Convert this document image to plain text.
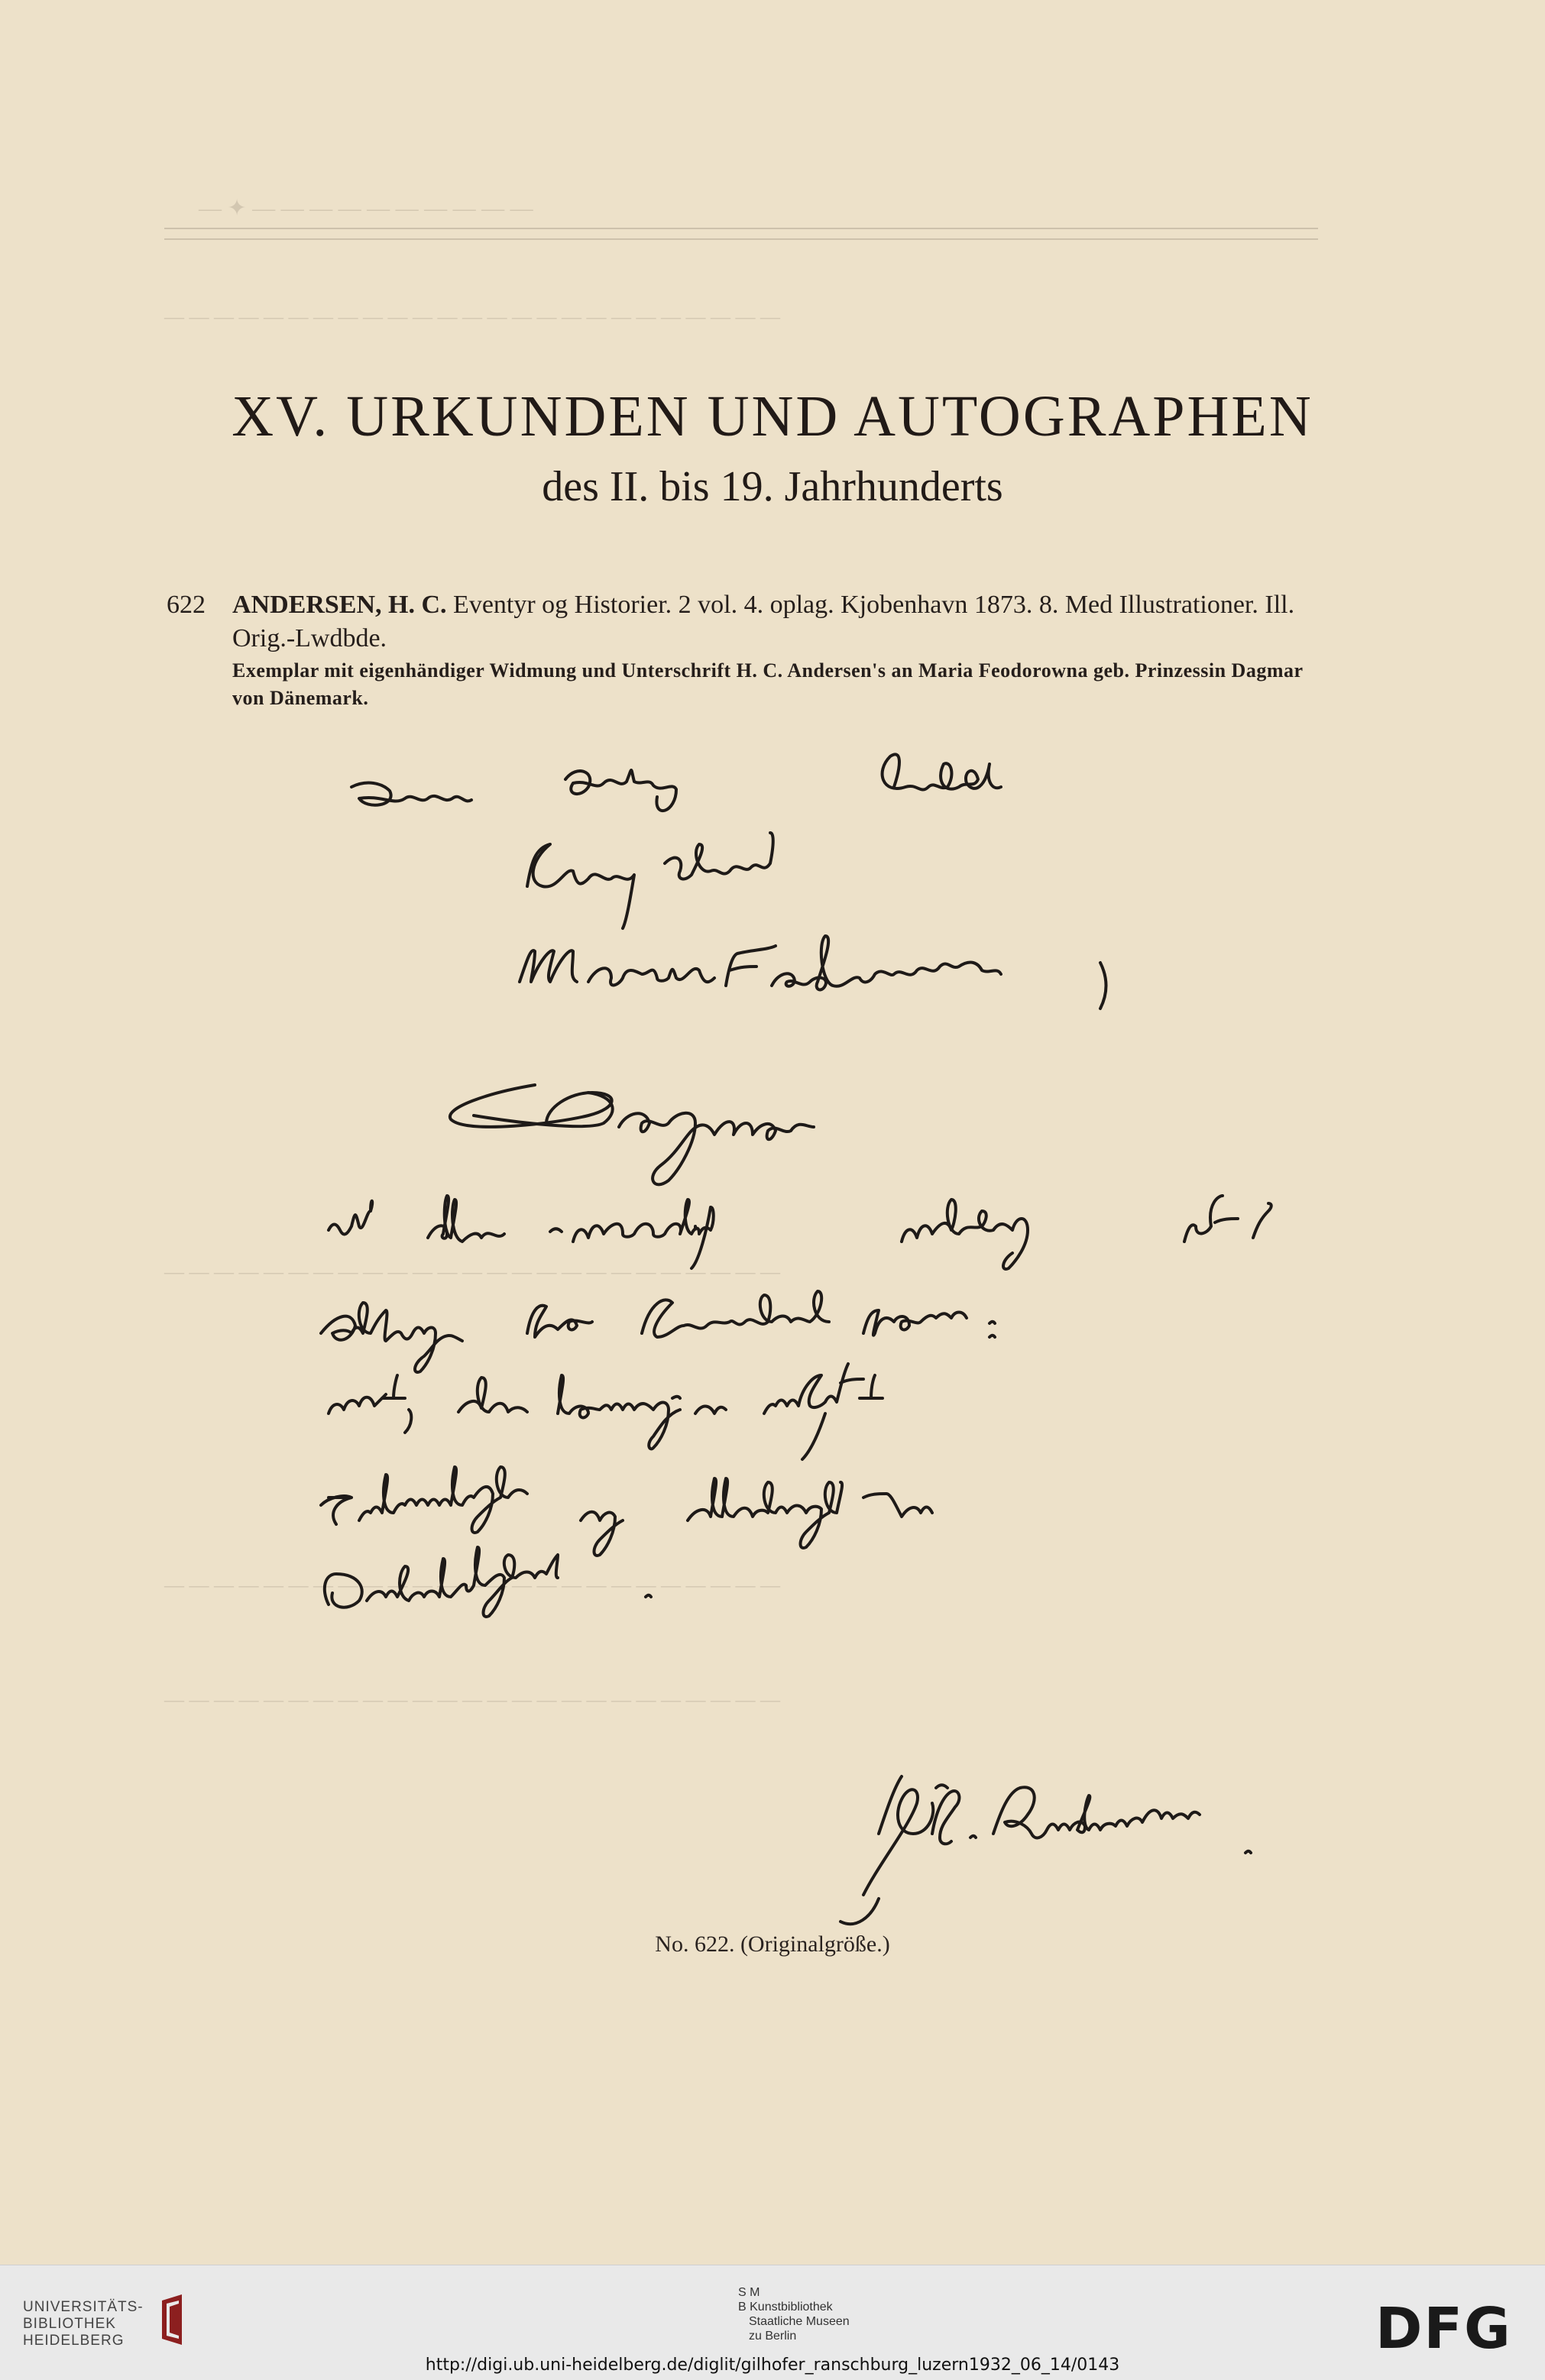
— ✦ — — — — — — — — — —
— — — — — — — — — — — — — — — — — — — — — — — — —
— — — — — — — — — — — — — — — — — — — — — — — — —
— — — — — — — — — — — — — — — — — — — — — — — — —
— — — — — — — — — — — — — — — — — — — — — — — — —
XV. URKUNDEN UND AUTOGRAPHEN
des II. bis 19. Jahrhunderts
622 ANDERSEN, H. C. Eventyr og Historier. 2 vol. 4. oplag. Kjobenhavn 1873. 8. Med Illustrationer. Ill. Orig.-Lwdbde.
Exemplar mit eigenhändiger Widmung und Unterschrift H. C. Andersen's an Maria Feodorowna geb. Prinzessin Dagmar von Dänemark.
No. 622. (Originalgröße.)
UNIVERSITÄTS-
BIBLIOTHEK
HEIDELBERG
S M
B Kunstbibliothek
Staatliche Museen
zu Berlin	DFG
http://digi.ub.uni-heidelberg.de/diglit/gilhofer_ranschburg_luzern1932_06_14/0143
